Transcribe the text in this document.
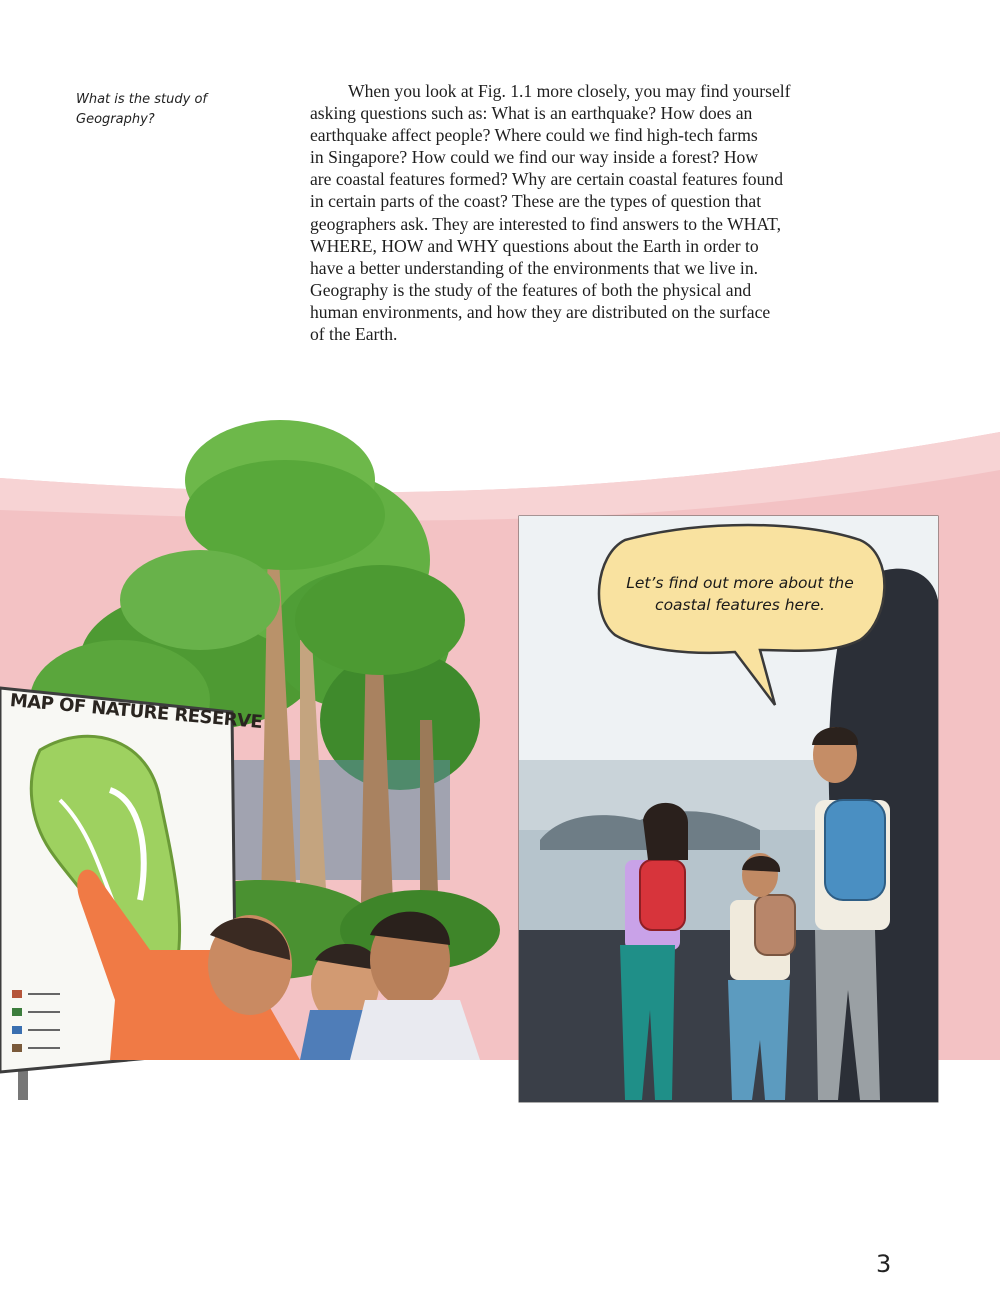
What is the study of
Geography?
When you look at Fig. 1.1 more closely, you may find yourself
asking questions such as: What is an earthquake? How does an
earthquake affect people? Where could we find high-tech farms
in Singapore? How could we find our way inside a forest? How
are coastal features formed? Why are certain coastal features found
in certain parts of the coast? These are the types of question that
geographers ask. They are interested to find answers to the WHAT,
WHERE, HOW and WHY questions about the Earth in order to
have a better understanding of the environments that we live in.
Geography is the study of the features of both the physical and
human environments, and how they are distributed on the surface
of the Earth.
MAP OF NATURE RESERVE
Let’s find out more about the
coastal features here.
3
